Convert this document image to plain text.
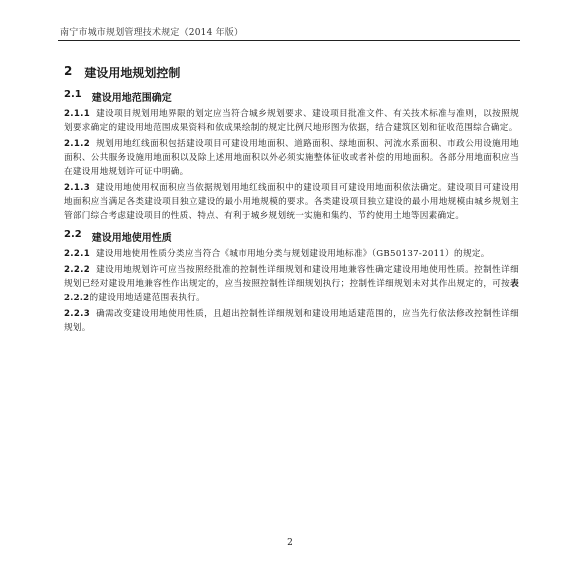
南宁市城市规划管理技术规定（2014 年版）
2 建设用地规划控制
2.1 建设用地范围确定

2.1.1 建设项目规划用地界限的划定应当符合城乡规划要求、建设项目批准文件、有关技术标准与准则，以按照规划要求确定的建设用地范围成果资料和依成果绘制的规定比例尺地形图为依据，结合建筑区划和征收范围综合确定。

2.1.2 规划用地红线面积包括建设项目可建设用地面积、道路面积、绿地面积、河流水系面积、市政公用设施用地面积、公共服务设施用地面积以及除上述用地面积以外必须实施整体征收或者补偿的用地面积。各部分用地面积应当在建设用地规划许可证中明确。

2.1.3 建设用地使用权面积应当依据规划用地红线面积中的建设项目可建设用地面积依法确定。建设项目可建设用地面积应当满足各类建设项目独立建设的最小用地规模的要求。各类建设项目独立建设的最小用地规模由城乡规划主管部门综合考虑建设项目的性质、特点、有利于城乡规划统一实施和集约、节约使用土地等因素确定。

2.2 建设用地使用性质

2.2.1 建设用地使用性质分类应当符合《城市用地分类与规划建设用地标准》（GB50137-2011）的规定。

2.2.2 建设用地规划许可应当按照经批准的控制性详细规划和建设用地兼容性确定建设用地使用性质。控制性详细规划已经对建设用地兼容性作出规定的，应当按照控制性详细规划执行；控制性详细规划未对其作出规定的，可按表 2.2.2的建设用地适建范围表执行。

2.2.3 确需改变建设用地使用性质，且超出控制性详细规划和建设用地适建范围的，应当先行依法修改控制性详细规划。

2
